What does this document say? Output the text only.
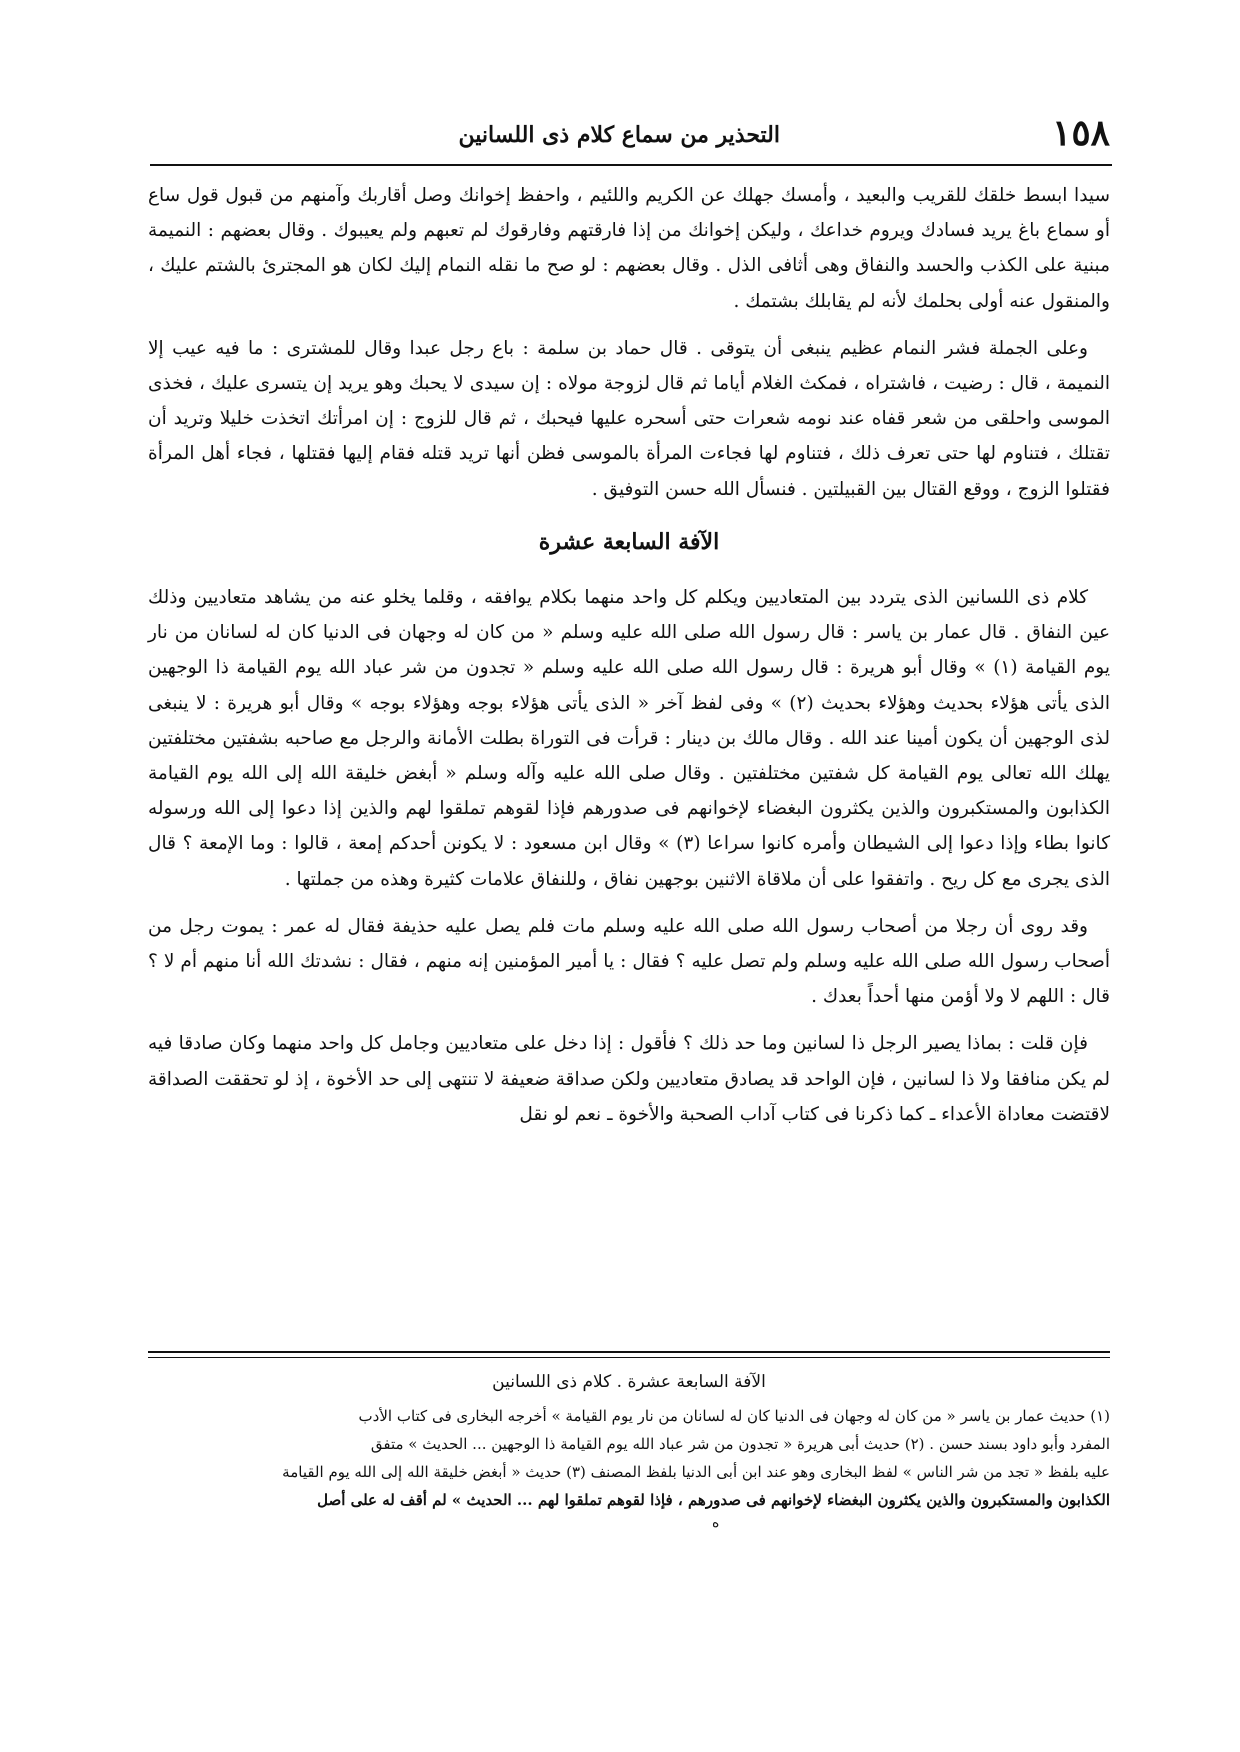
١٥٨
التحذير من سماع كلام ذى اللسانين

سيدا ابسط خلقك للقريب والبعيد ، وأمسك جهلك عن الكريم واللئيم ، واحفظ إخوانك وصل أقاربك وآمنهم من قبول قول ساع أو سماع باغ يريد فسادك ويروم خداعك ، وليكن إخوانك من إذا فارقتهم وفارقوك لم تعبهم ولم يعيبوك . وقال بعضهم : النميمة مبنية على الكذب والحسد والنفاق وهى أثافى الذل . وقال بعضهم : لو صح ما نقله النمام إليك لكان هو المجترئ بالشتم عليك ، والمنقول عنه أولى بحلمك لأنه لم يقابلك بشتمك .

وعلى الجملة فشر النمام عظيم ينبغى أن يتوقى . قال حماد بن سلمة : باع رجل عبدا وقال للمشترى : ما فيه عيب إلا النميمة ، قال : رضيت ، فاشتراه ، فمكث الغلام أياما ثم قال لزوجة مولاه : إن سيدى لا يحبك وهو يريد إن يتسرى عليك ، فخذى الموسى واحلقى من شعر قفاه عند نومه شعرات حتى أسحره عليها فيحبك ، ثم قال للزوج : إن امرأتك اتخذت خليلا وتريد أن تقتلك ، فتناوم لها حتى تعرف ذلك ، فتناوم لها فجاءت المرأة بالموسى فظن أنها تريد قتله فقام إليها فقتلها ، فجاء أهل المرأة فقتلوا الزوج ، ووقع القتال بين القبيلتين . فنسأل الله حسن التوفيق .

الآفة السابعة عشرة

كلام ذى اللسانين الذى يتردد بين المتعاديين ويكلم كل واحد منهما بكلام يوافقه ، وقلما يخلو عنه من يشاهد متعاديين وذلك عين النفاق . قال عمار بن ياسر : قال رسول الله صلى الله عليه وسلم « من كان له وجهان فى الدنيا كان له لسانان من نار يوم القيامة (١) » وقال أبو هريرة : قال رسول الله صلى الله عليه وسلم « تجدون من شر عباد الله يوم القيامة ذا الوجهين الذى يأتى هؤلاء بحديث وهؤلاء بحديث (٢) » وفى لفظ آخر « الذى يأتى هؤلاء بوجه وهؤلاء بوجه » وقال أبو هريرة : لا ينبغى لذى الوجهين أن يكون أمينا عند الله . وقال مالك بن دينار : قرأت فى التوراة بطلت الأمانة والرجل مع صاحبه بشفتين مختلفتين يهلك الله تعالى يوم القيامة كل شفتين مختلفتين . وقال صلى الله عليه وآله وسلم « أبغض خليقة الله إلى الله يوم القيامة الكذابون والمستكبرون والذين يكثرون البغضاء لإخوانهم فى صدورهم فإذا لقوهم تملقوا لهم والذين إذا دعوا إلى الله ورسوله كانوا بطاء وإذا دعوا إلى الشيطان وأمره كانوا سراعا (٣) » وقال ابن مسعود : لا يكونن أحدكم إمعة ، قالوا : وما الإمعة ؟ قال الذى يجرى مع كل ريح . واتفقوا على أن ملاقاة الاثنين بوجهين نفاق ، وللنفاق علامات كثيرة وهذه من جملتها .

وقد روى أن رجلا من أصحاب رسول الله صلى الله عليه وسلم مات فلم يصل عليه حذيفة فقال له عمر : يموت رجل من أصحاب رسول الله صلى الله عليه وسلم ولم تصل عليه ؟ فقال : يا أمير المؤمنين إنه منهم ، فقال : نشدتك الله أنا منهم أم لا ؟ قال : اللهم لا ولا أؤمن منها أحداً بعدك .

فإن قلت : بماذا يصير الرجل ذا لسانين وما حد ذلك ؟ فأقول : إذا دخل على متعاديين وجامل كل واحد منهما وكان صادقا فيه لم يكن منافقا ولا ذا لسانين ، فإن الواحد قد يصادق متعاديين ولكن صداقة ضعيفة لا تنتهى إلى حد الأخوة ، إذ لو تحققت الصداقة لاقتضت معاداة الأعداء ـ كما ذكرنا فى كتاب آداب الصحبة والأخوة ـ نعم لو نقل

الآفة السابعة عشرة . كلام ذى اللسانين

(١) حديث عمار بن ياسر « من كان له وجهان فى الدنيا كان له لسانان من نار يوم القيامة » أخرجه البخارى فى كتاب الأدب

المفرد وأبو داود بسند حسن . (٢) حديث أبى هريرة « تجدون من شر عباد الله يوم القيامة ذا الوجهين ... الحديث » متفق

عليه بلفظ « تجد من شر الناس » لفظ البخارى وهو عند ابن أبى الدنيا بلفظ المصنف (٣) حديث « أبغض خليقة الله إلى الله يوم القيامة

الكذابون والمستكبرون والذين يكثرون البغضاء لإخوانهم فى صدورهم ، فإذا لقوهم تملقوا لهم ... الحديث » لم أقف له على أصل

ه
